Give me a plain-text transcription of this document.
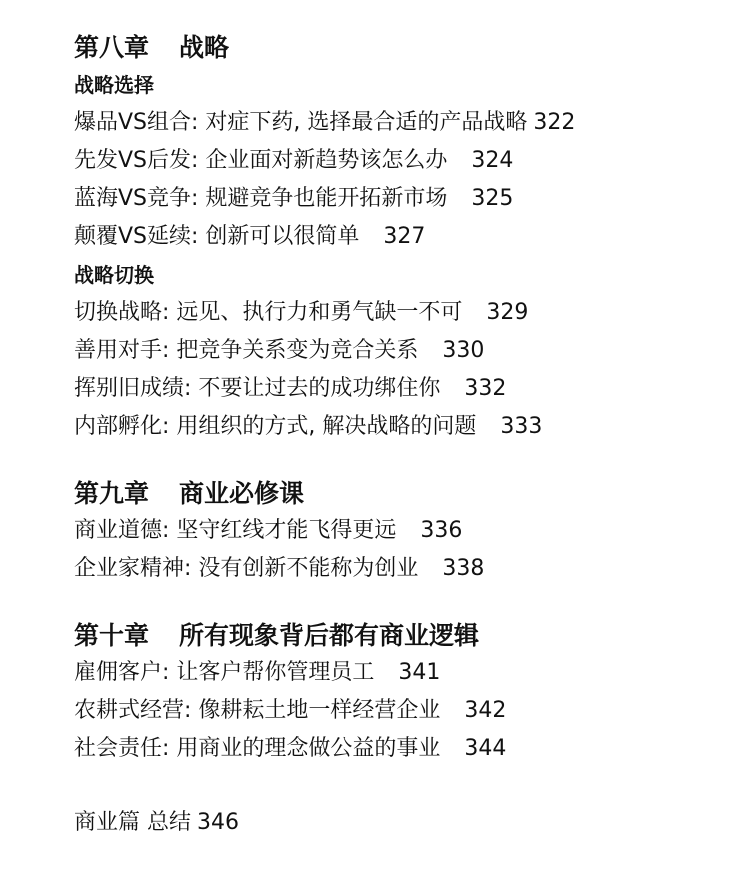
第八章 战略
战略选择
爆品VS组合: 对症下药, 选择最合适的产品战略 322
先发VS后发: 企业面对新趋势该怎么办 324
蓝海VS竞争: 规避竞争也能开拓新市场 325
颠覆VS延续: 创新可以很简单 327
战略切换
切换战略: 远见、执行力和勇气缺一不可 329
善用对手: 把竞争关系变为竞合关系 330
挥别旧成绩: 不要让过去的成功绑住你 332
内部孵化: 用组织的方式, 解决战略的问题 333
第九章 商业必修课
商业道德: 坚守红线才能飞得更远 336
企业家精神: 没有创新不能称为创业 338
第十章 所有现象背后都有商业逻辑
雇佣客户: 让客户帮你管理员工 341
农耕式经营: 像耕耘土地一样经营企业 342
社会责任: 用商业的理念做公益的事业 344
商业篇 总结 346
